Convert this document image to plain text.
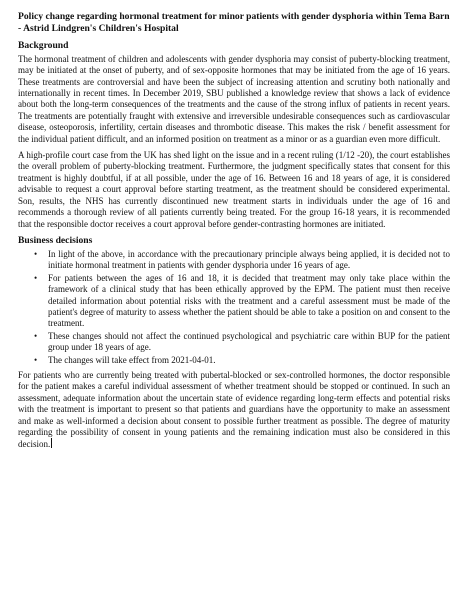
Policy change regarding hormonal treatment for minor patients with gender dysphoria within Tema Barn - Astrid Lindgren's Children's Hospital
Background

The hormonal treatment of children and adolescents with gender dysphoria may consist of puberty-blocking treatment, may be initiated at the onset of puberty, and of sex-opposite hormones that may be initiated from the age of 16 years. These treatments are controversial and have been the subject of increasing attention and scrutiny both nationally and internationally in recent times. In December 2019, SBU published a knowledge review that shows a lack of evidence about both the long-term consequences of the treatments and the cause of the strong influx of patients in recent years. The treatments are potentially fraught with extensive and irreversible undesirable consequences such as cardiovascular disease, osteoporosis, infertility, certain diseases and thrombotic disease. This makes the risk / benefit assessment for the individual patient difficult, and an informed position on treatment as a minor or as a guardian even more difficult.

A high-profile court case from the UK has shed light on the issue and in a recent ruling (1/12 -20), the court establishes the overall problem of puberty-blocking treatment. Furthermore, the judgment specifically states that consent for this treatment is highly doubtful, if at all possible, under the age of 16. Between 16 and 18 years of age, it is considered advisable to request a court approval before starting treatment, as the treatment should be considered experimental. Son, results, the NHS has currently discontinued new treatment starts in individuals under the age of 16 and recommends a thorough review of all patients currently being treated. For the group 16-18 years, it is recommended that the responsible doctor receives a court approval before gender-contrasting hormones are initiated.

Business decisions
• In light of the above, in accordance with the precautionary principle always being applied, it is decided not to initiate hormonal treatment in patients with gender dysphoria under 16 years of age.
• For patients between the ages of 16 and 18, it is decided that treatment may only take place within the framework of a clinical study that has been ethically approved by the EPM. The patient must then receive detailed information about potential risks with the treatment and a careful assessment must be made of the patient's degree of maturity to assess whether the patient should be able to take a position on and consent to the treatment.
• These changes should not affect the continued psychological and psychiatric care within BUP for the patient group under 18 years of age.
• The changes will take effect from 2021-04-01.

For patients who are currently being treated with pubertal-blocked or sex-controlled hormones, the doctor responsible for the patient makes a careful individual assessment of whether treatment should be stopped or continued. In such an assessment, adequate information about the uncertain state of evidence regarding long-term effects and potential risks with the treatment is important to present so that patients and guardians have the opportunity to make an assessment and make as well-informed a decision about consent to possible further treatment as possible. The degree of maturity regarding the possibility of consent in young patients and the remaining indication must also be considered in this decision.
